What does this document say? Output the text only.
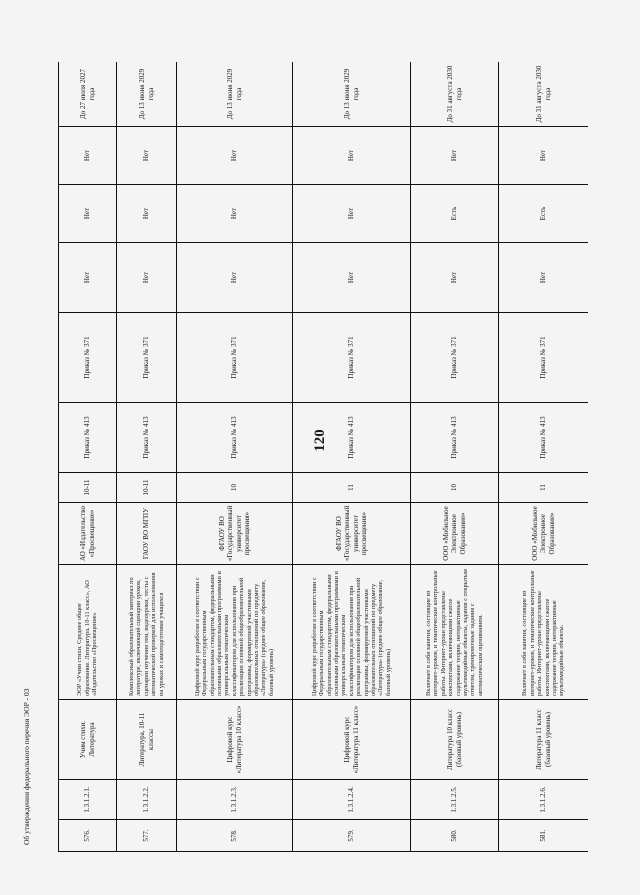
120
576.	1.3.1.2.1.	Учим стихи. Литература	ЭОР «Учим стихи. Среднее общее образование. Литература. 10-11 класс», АО «Издательство «Просвещение»	АО «Издательство «Просвещение»	10-11	Приказ № 413	Приказ № 371	Нет	Нет	Нет	До 27 июля 2027 года
577.	1.3.1.2.2.	Литература, 10-11 классы	Комплексный образовательный материал по литературе, включающий сценарии уроков, сценарии изучения тем, видеоуроки, тесты с автоматической проверкой для использования на уроках и самоподготовки учащихся	ГАОУ ВО МГПУ	10-11	Приказ № 413	Приказ № 371	Нет	Нет	Нет	До 13 июня 2029 года
578.	1.3.1.2.3.	Цифровой курс «Литература 10 класс»	Цифровой курс разработан в соответствии с Федеральным государственным образовательным стандартом, федеральными основными образовательными программами и универсальным тематическим классификатором для использования при реализации основной общеобразовательной программы, формируемой участниками образовательных отношений по предмету «Литература» (среднее общее образование, базовый уровень)	ФГАОУ ВО «Государственный университет просвещения»	10	Приказ № 413	Приказ № 371	Нет	Нет	Нет	До 13 июня 2029 года
579.	1.3.1.2.4.	Цифровой курс «Литература 11 класс»	Цифровой курс разработан в соответствии с Федеральным государственным образовательным стандартом, федеральными основными образовательными программами и универсальным тематическим классификатором для использования при реализации основной общеобразовательной программы, формируемой участниками образовательных отношений по предмету «Литература» (среднее общее образование, базовый уровень)	ФГАОУ ВО «Государственный университет просвещения»	11	Приказ № 413	Приказ № 371	Нет	Нет	Нет	До 13 июня 2029 года
580.	1.3.1.2.5.	Литература 10 класс (базовый уровень)	Включает в себя занятия, состоящие из интернет-уроков, и тематические контрольные работы. Интернет-уроки представлены конспектами, включающими сжатое содержание теории, интерактивные мультимедийные объекты, задания с открытым ответом, тренировочные задания с автоматическим оцениванием.	ООО «Мобильное Электронное Образование»	10	Приказ № 413	Приказ № 371	Нет	Есть	Нет	До 31 августа 2030 года
581.	1.3.1.2.6.	Литература 11 класс (базовый уровень)	Включает в себя занятия, состоящие из интернет-уроков, и тематические контрольные работы. Интернет-уроки представлены конспектами, включающими сжатое содержание теории, интерактивные мультимедийные объекты.	ООО «Мобильное Электронное Образование»	11	Приказ № 413	Приказ № 371	Нет	Есть	Нет	До 31 августа 2030 года
Об утверждении федерального перечня ЭОР - 03
